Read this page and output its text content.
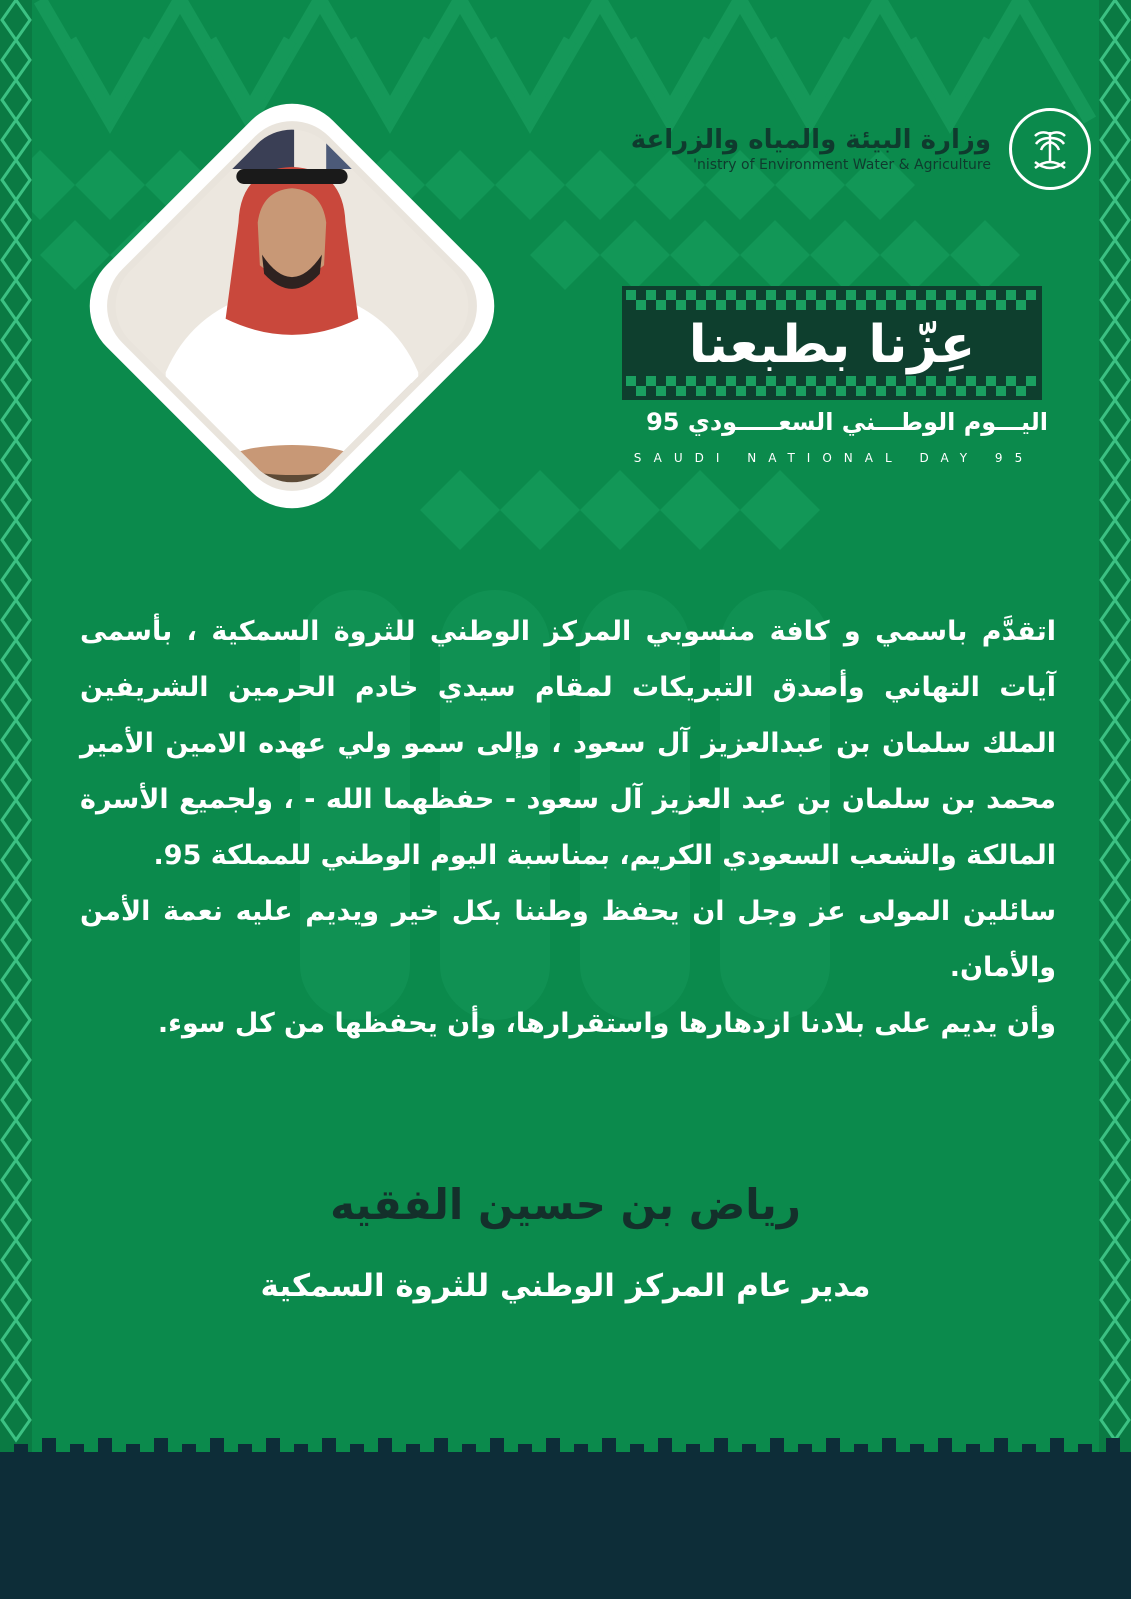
وزارة البيئة والمياه والزراعة
'nistry of Environment Water & Agriculture
عِزّنا بطبعنا
اليـــوم الوطـــني السعـــــودي 95
SAUDI NATIONAL DAY 95

اتقدَّم باسمي و كافة منسوبي المركز الوطني للثروة السمكية ، بأسمى آيات التهاني وأصدق التبريكات لمقام سيدي خادم الحرمين الشريفين الملك سلمان بن عبدالعزيز آل سعود ، وإلى سمو ولي عهده الامين الأمير محمد بن سلمان بن عبد العزيز آل سعود - حفظهما الله - ، ولجميع الأسرة المالكة والشعب السعودي الكريم، بمناسبة اليوم الوطني للمملكة 95.

سائلين المولى عز وجل ان يحفظ وطننا بكل خير ويديم عليه نعمة الأمن والأمان.

وأن يديم على بلادنا ازدهارها واستقرارها، وأن يحفظها من كل سوء.

رياض بن حسين الفقيه
مدير عام المركز الوطني للثروة السمكية
